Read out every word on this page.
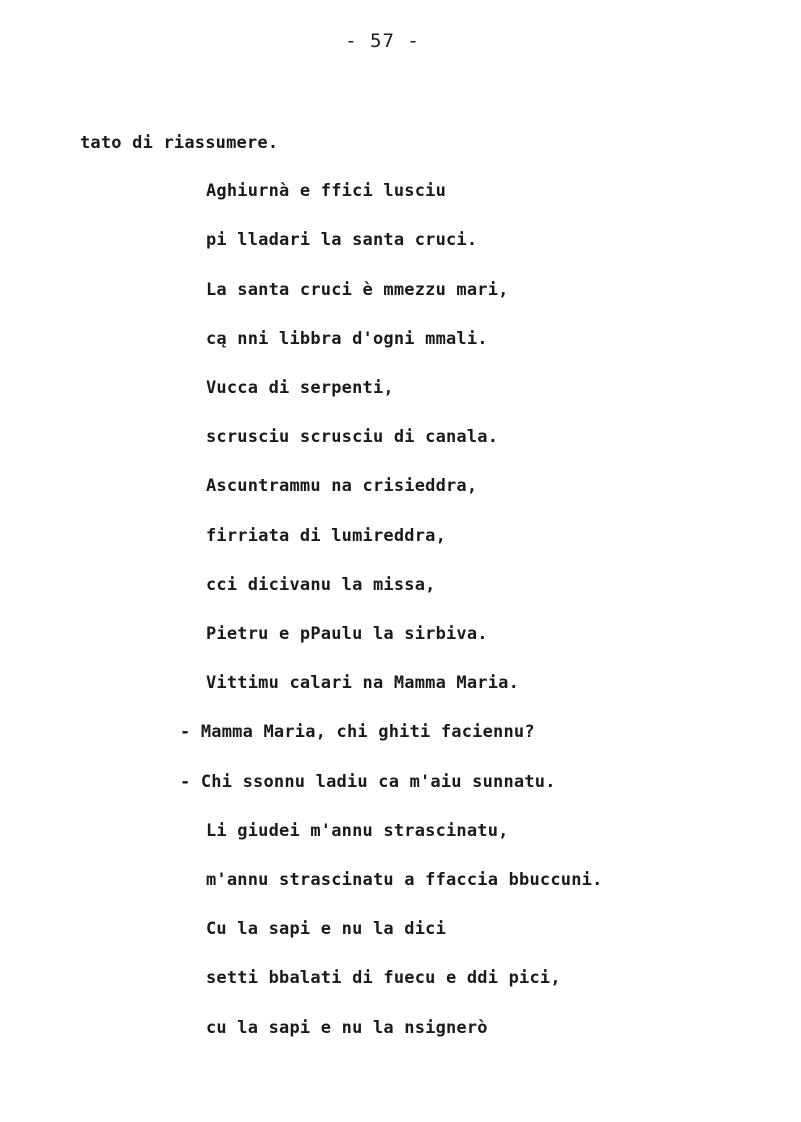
- 57 -
tato di riassumere.
Aghiurnà e ffici lusciu
pi lladari la santa cruci.
La santa cruci è mmezzu mari,
cą nni libbra d'ogni mmali.
Vucca di serpenti,
scrusciu scrusciu di canala.
Ascuntrammu na crisieddra,
firriata di lumireddra,
cci dicivanu la missa,
Pietru e pPaulu la sirbiva.
Vittimu calari na Mamma Maria.
- Mamma Maria, chi ghiti faciennu?
- Chi ssonnu ladiu ca m'aiu sunnatu.
Li giudei m'annu strascinatu,
m'annu strascinatu a ffaccia bbuccuni.
Cu la sapi e nu la dici
setti bbalati di fuecu e ddi pici,
cu la sapi e nu la nsignerò
